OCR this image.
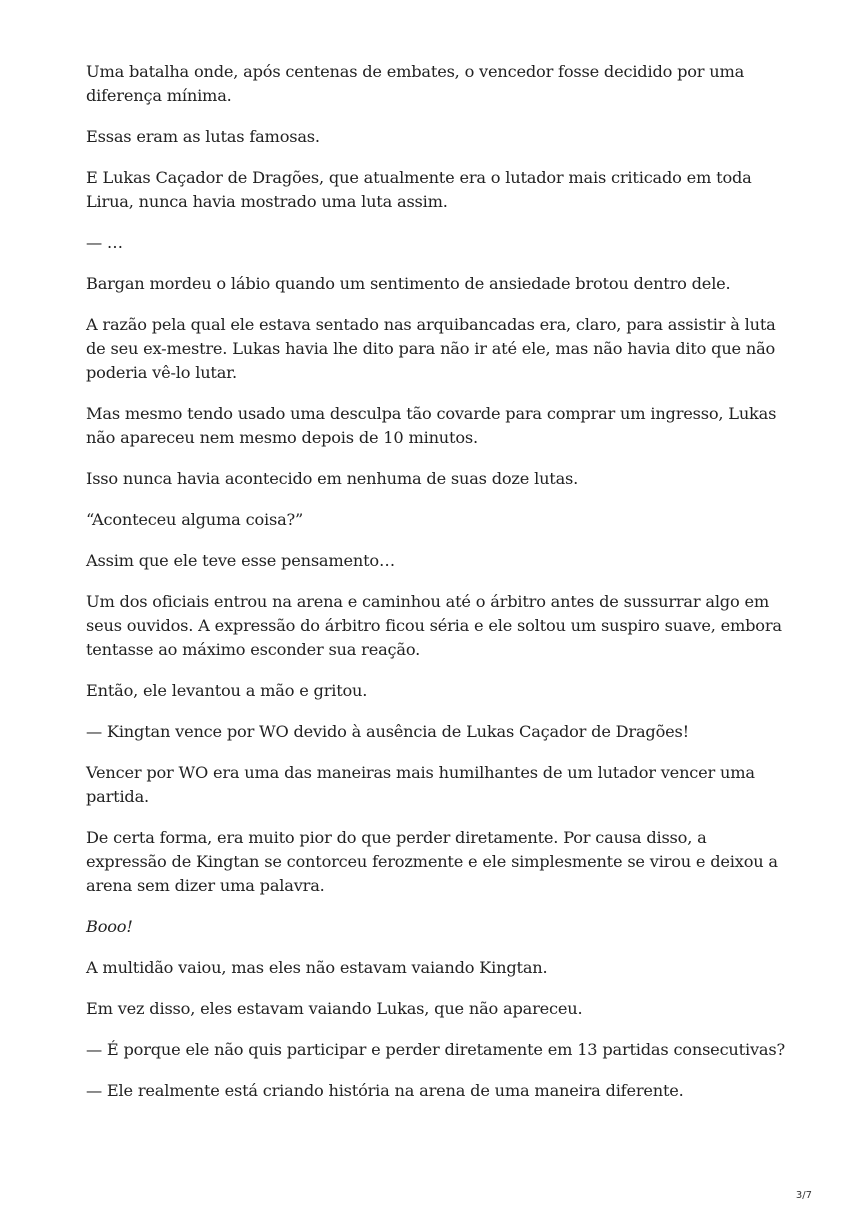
Uma batalha onde, após centenas de embates, o vencedor fosse decidido por uma diferença mínima.

Essas eram as lutas famosas.

E Lukas Caçador de Dragões, que atualmente era o lutador mais criticado em toda Lirua, nunca havia mostrado uma luta assim.

— …

Bargan mordeu o lábio quando um sentimento de ansiedade brotou dentro dele.

A razão pela qual ele estava sentado nas arquibancadas era, claro, para assistir à luta de seu ex-mestre. Lukas havia lhe dito para não ir até ele, mas não havia dito que não poderia vê-lo lutar.

Mas mesmo tendo usado uma desculpa tão covarde para comprar um ingresso, Lukas não apareceu nem mesmo depois de 10 minutos.

Isso nunca havia acontecido em nenhuma de suas doze lutas.

“Aconteceu alguma coisa?”

Assim que ele teve esse pensamento…

Um dos oficiais entrou na arena e caminhou até o árbitro antes de sussurrar algo em seus ouvidos. A expressão do árbitro ficou séria e ele soltou um suspiro suave, embora tentasse ao máximo esconder sua reação.

Então, ele levantou a mão e gritou.

— Kingtan vence por WO devido à ausência de Lukas Caçador de Dragões!

Vencer por WO era uma das maneiras mais humilhantes de um lutador vencer uma partida.

De certa forma, era muito pior do que perder diretamente. Por causa disso, a expressão de Kingtan se contorceu ferozmente e ele simplesmente se virou e deixou a arena sem dizer uma palavra.

Booo!

A multidão vaiou, mas eles não estavam vaiando Kingtan.

Em vez disso, eles estavam vaiando Lukas, que não apareceu.

— É porque ele não quis participar e perder diretamente em 13 partidas consecutivas?

— Ele realmente está criando história na arena de uma maneira diferente.

3/7
